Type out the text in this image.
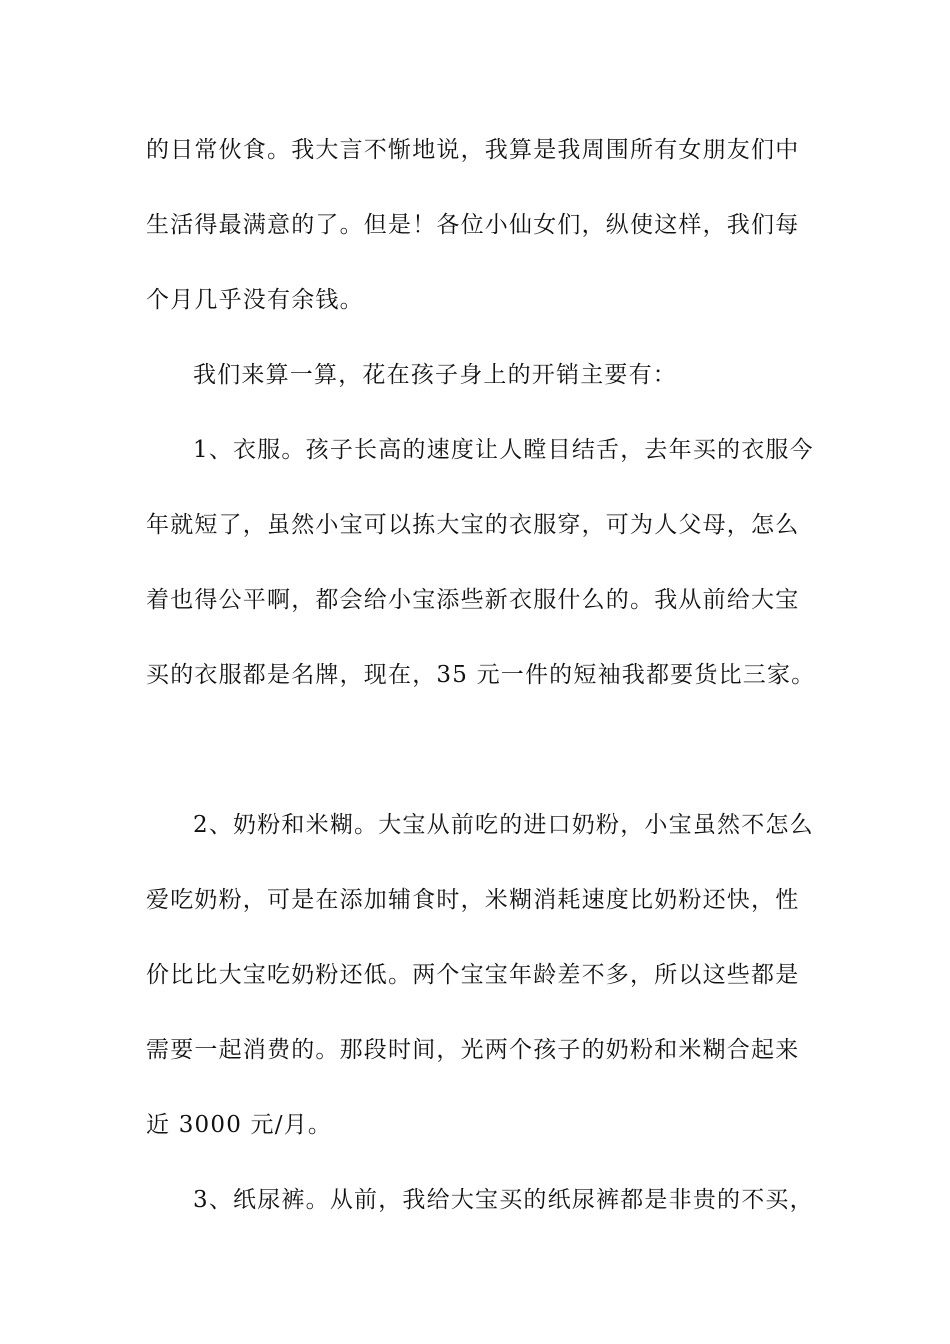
的日常伙食。我大言不惭地说，我算是我周围所有女朋友们中
生活得最满意的了。但是！各位小仙女们，纵使这样，我们每
个月几乎没有余钱。
我们来算一算，花在孩子身上的开销主要有：
1、衣服。孩子长高的速度让人瞠目结舌，去年买的衣服今
年就短了，虽然小宝可以拣大宝的衣服穿，可为人父母，怎么
着也得公平啊，都会给小宝添些新衣服什么的。我从前给大宝
买的衣服都是名牌，现在，35 元一件的短袖我都要货比三家。
2、奶粉和米糊。大宝从前吃的进口奶粉，小宝虽然不怎么
爱吃奶粉，可是在添加辅食时，米糊消耗速度比奶粉还快，性
价比比大宝吃奶粉还低。两个宝宝年龄差不多，所以这些都是
需要一起消费的。那段时间，光两个孩子的奶粉和米糊合起来
近 3000 元/月。
3、纸尿裤。从前，我给大宝买的纸尿裤都是非贵的不买，
